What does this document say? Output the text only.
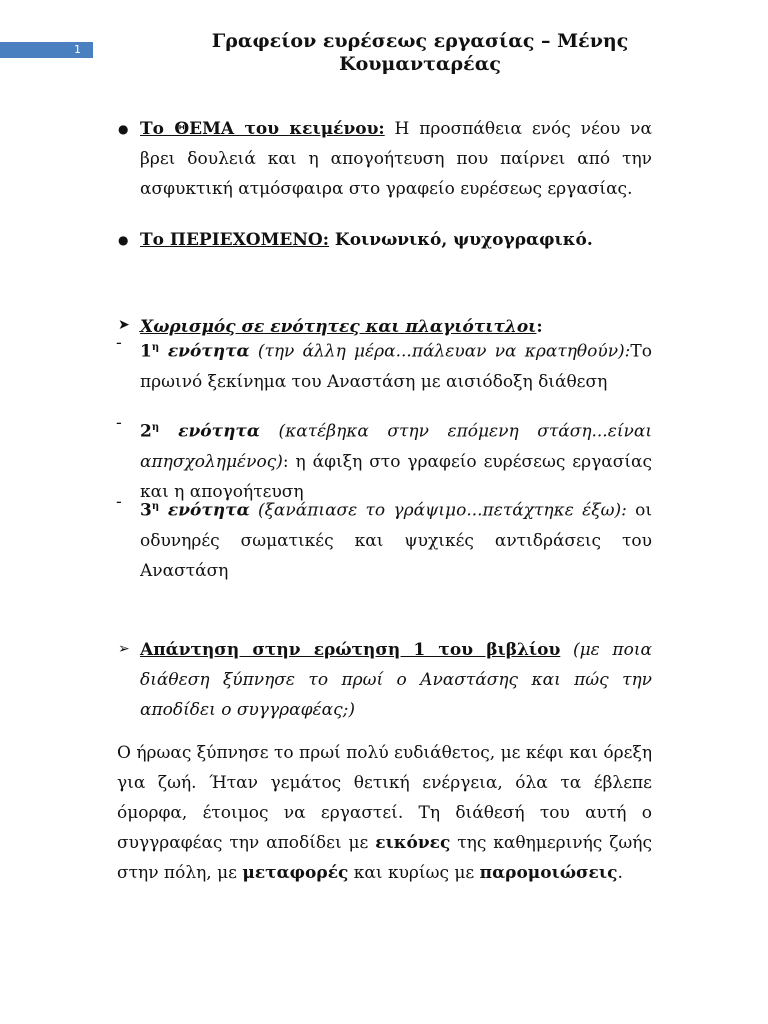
1	Γραφείον ευρέσεως εργασίας – Μένης
Κουμανταρέας
● Το ΘΕΜΑ του κειμένου: Η προσπάθεια ενός νέου να βρει δουλειά και η απογοήτευση που παίρνει από την ασφυκτική ατμόσφαιρα στο γραφείο ευρέσεως εργασίας.
● Το ΠΕΡΙΕΧΟΜΕΝΟ: Κοινωνικό, ψυχογραφικό.
➤ Χωρισμός σε ενότητες και πλαγιότιτλοι:
- $1^\eta$ ενότητα (την άλλη μέρα...πάλευαν να κρατηθούν):Το πρωινό ξεκίνημα του Αναστάση με αισιόδοξη διάθεση
- $2^\eta$ ενότητα (κατέβηκα στην επόμενη στάση...είναι απησχολημένος): η άφιξη στο γραφείο ευρέσεως εργασίας και η απογοήτευση
- $3^\eta$ ενότητα (ξανάπιασε το γράψιμο...πετάχτηκε έξω): οι οδυνηρές σωματικές και ψυχικές αντιδράσεις του Αναστάση
➢ Απάντηση στην ερώτηση 1 του βιβλίου (με ποια διάθεση ξύπνησε το πρωί ο Αναστάσης και πώς την αποδίδει ο συγγραφέας;)
Ο ήρωας ξύπνησε το πρωί πολύ ευδιάθετος, με κέφι και όρεξη για ζωή. Ήταν γεμάτος θετική ενέργεια, όλα τα έβλεπε όμορφα, έτοιμος να εργαστεί. Τη διάθεσή του αυτή ο συγγραφέας την αποδίδει με εικόνες της καθημερινής ζωής στην πόλη, με μεταφορές και κυρίως με παρομοιώσεις.
